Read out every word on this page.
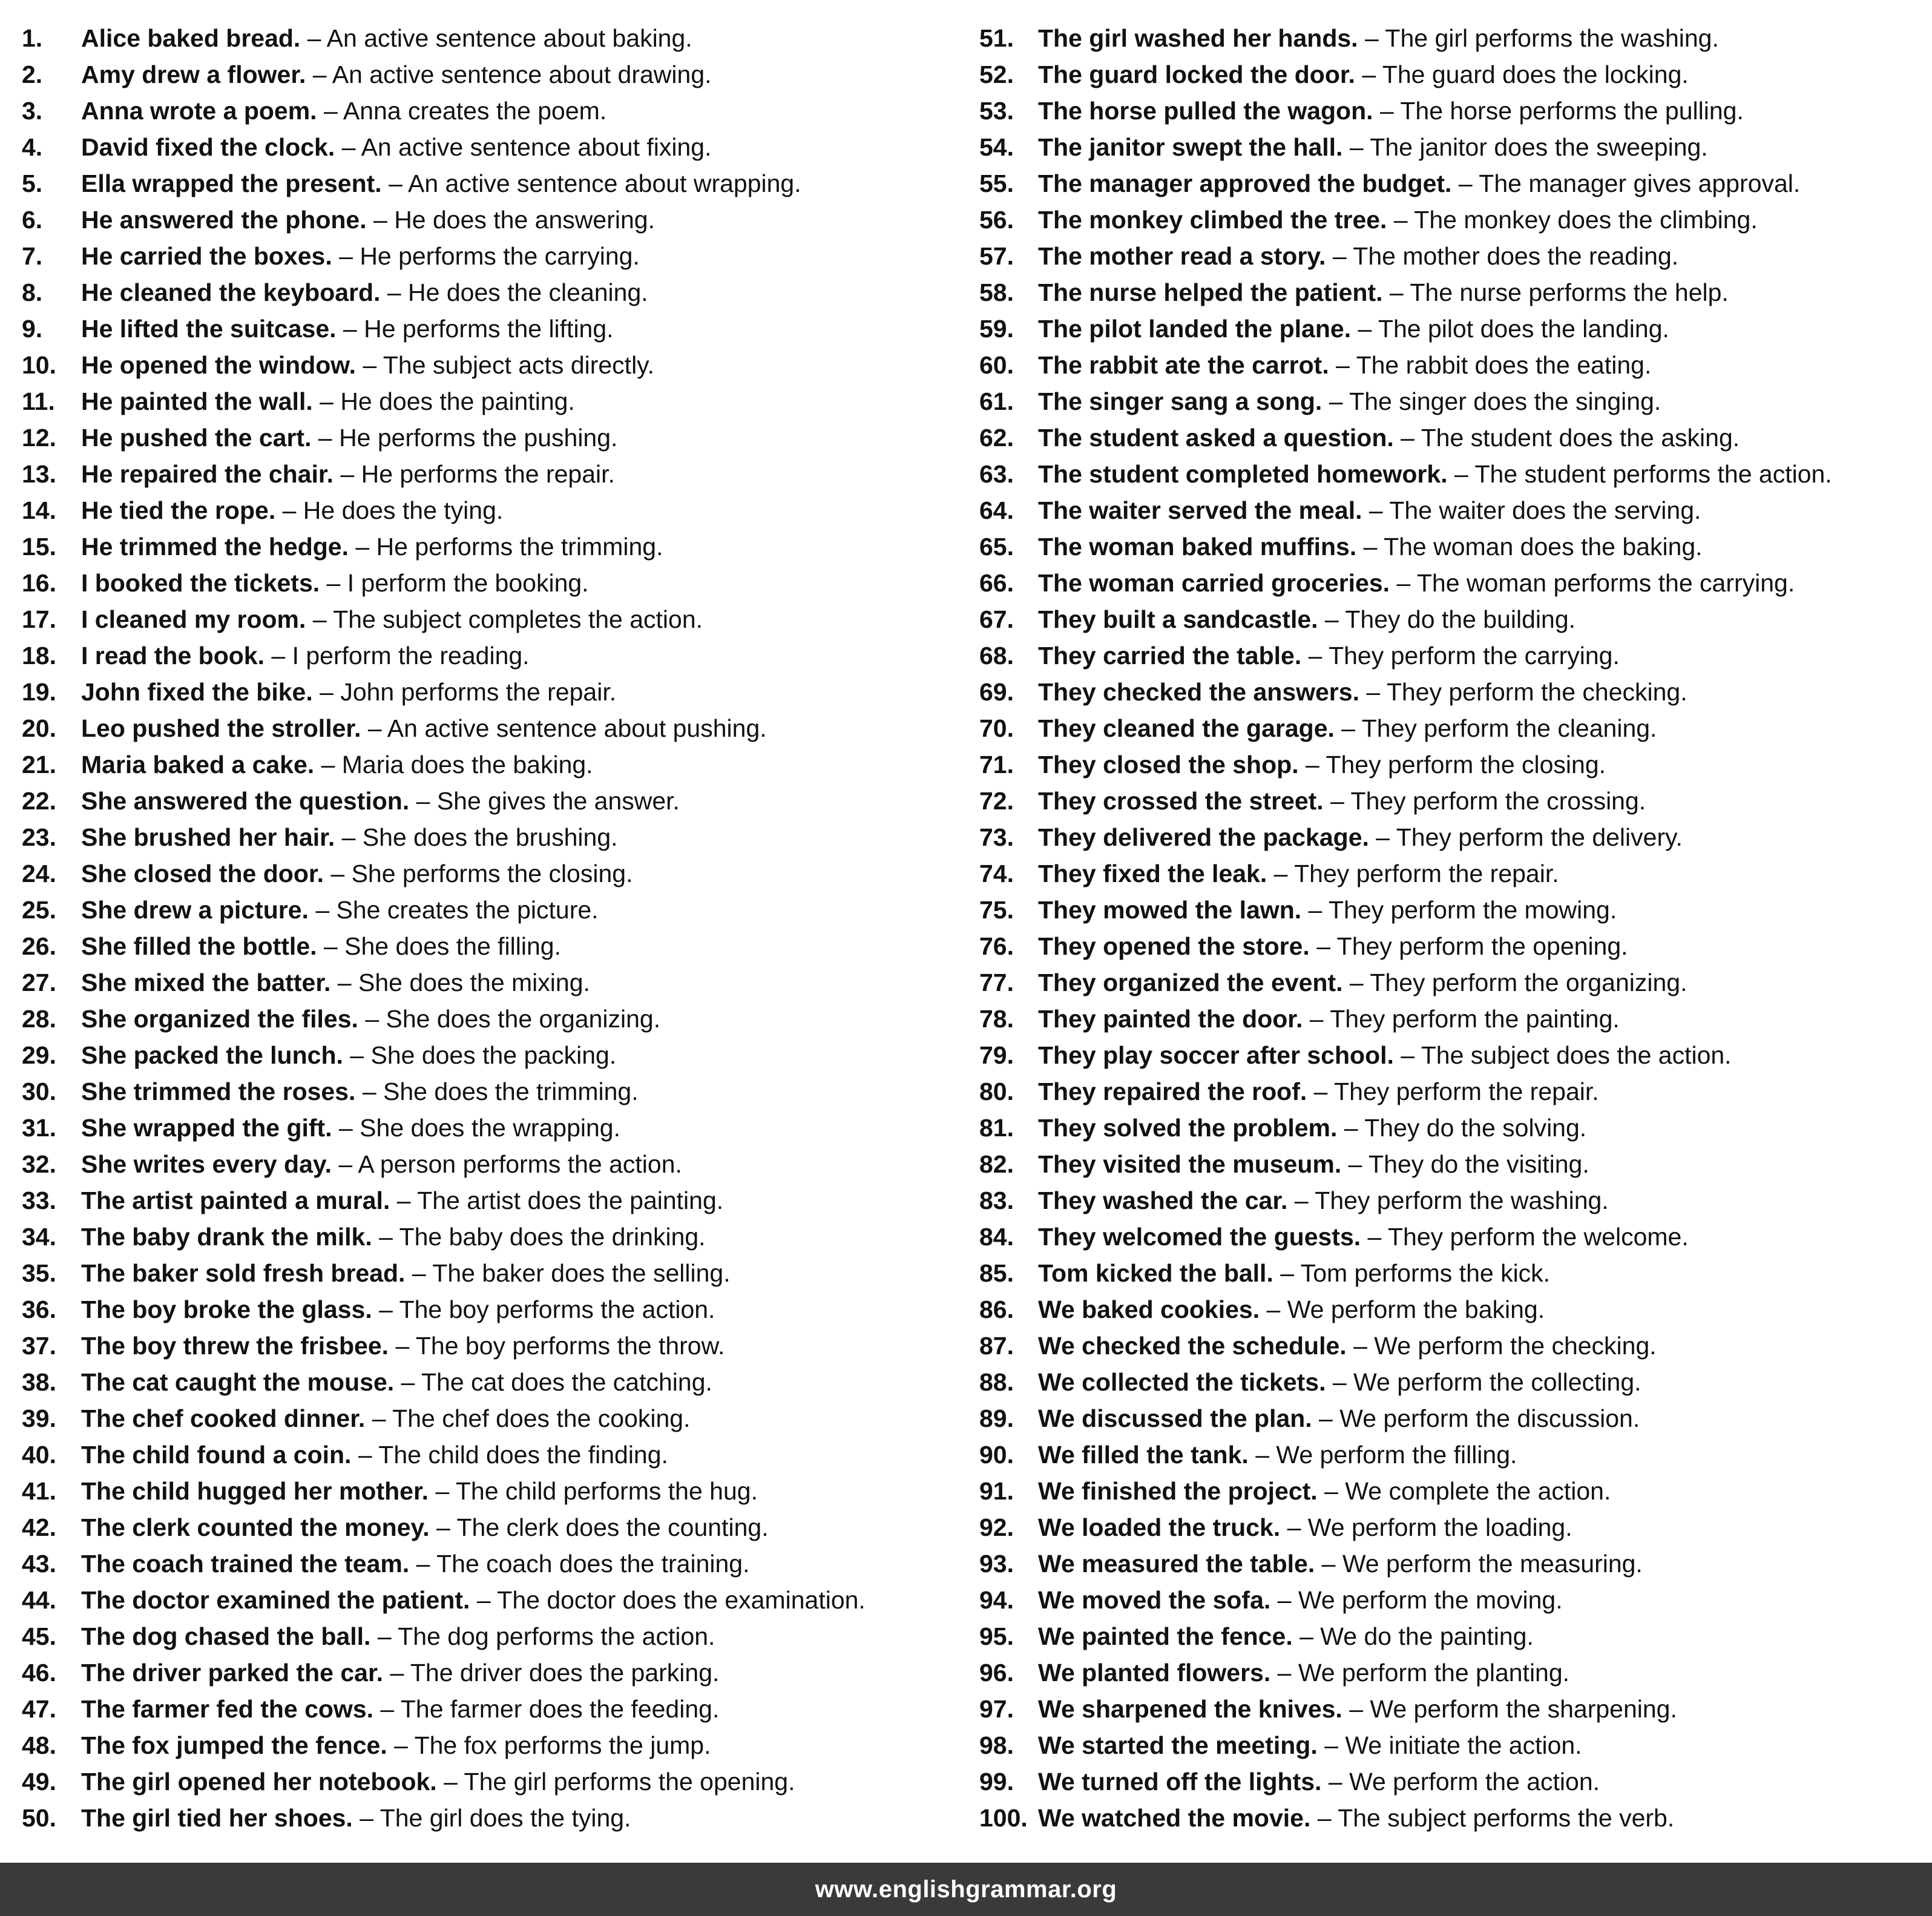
1.	Alice baked bread. – An active sentence about baking.
2.	Amy drew a flower. – An active sentence about drawing.
3.	Anna wrote a poem. – Anna creates the poem.
4.	David fixed the clock. – An active sentence about fixing.
5.	Ella wrapped the present. – An active sentence about wrapping.
6.	He answered the phone. – He does the answering.
7.	He carried the boxes. – He performs the carrying.
8.	He cleaned the keyboard. – He does the cleaning.
9.	He lifted the suitcase. – He performs the lifting.
10.	He opened the window. – The subject acts directly.
11.	He painted the wall. – He does the painting.
12.	He pushed the cart. – He performs the pushing.
13.	He repaired the chair. – He performs the repair.
14.	He tied the rope. – He does the tying.
15.	He trimmed the hedge. – He performs the trimming.
16.	I booked the tickets. – I perform the booking.
17.	I cleaned my room. – The subject completes the action.
18.	I read the book. – I perform the reading.
19.	John fixed the bike. – John performs the repair.
20.	Leo pushed the stroller. – An active sentence about pushing.
21.	Maria baked a cake. – Maria does the baking.
22.	She answered the question. – She gives the answer.
23.	She brushed her hair. – She does the brushing.
24.	She closed the door. – She performs the closing.
25.	She drew a picture. – She creates the picture.
26.	She filled the bottle. – She does the filling.
27.	She mixed the batter. – She does the mixing.
28.	She organized the files. – She does the organizing.
29.	She packed the lunch. – She does the packing.
30.	She trimmed the roses. – She does the trimming.
31.	She wrapped the gift. – She does the wrapping.
32.	She writes every day. – A person performs the action.
33.	The artist painted a mural. – The artist does the painting.
34.	The baby drank the milk. – The baby does the drinking.
35.	The baker sold fresh bread. – The baker does the selling.
36.	The boy broke the glass. – The boy performs the action.
37.	The boy threw the frisbee. – The boy performs the throw.
38.	The cat caught the mouse. – The cat does the catching.
39.	The chef cooked dinner. – The chef does the cooking.
40.	The child found a coin. – The child does the finding.
41.	The child hugged her mother. – The child performs the hug.
42.	The clerk counted the money. – The clerk does the counting.
43.	The coach trained the team. – The coach does the training.
44.	The doctor examined the patient. – The doctor does the examination.
45.	The dog chased the ball. – The dog performs the action.
46.	The driver parked the car. – The driver does the parking.
47.	The farmer fed the cows. – The farmer does the feeding.
48.	The fox jumped the fence. – The fox performs the jump.
49.	The girl opened her notebook. – The girl performs the opening.
50.	The girl tied her shoes. – The girl does the tying.
51. The girl washed her hands. – The girl performs the washing.
52. The guard locked the door. – The guard does the locking.
53. The horse pulled the wagon. – The horse performs the pulling.
54. The janitor swept the hall. – The janitor does the sweeping.
55. The manager approved the budget. – The manager gives approval.
56. The monkey climbed the tree. – The monkey does the climbing.
57. The mother read a story. – The mother does the reading.
58. The nurse helped the patient. – The nurse performs the help.
59. The pilot landed the plane. – The pilot does the landing.
60. The rabbit ate the carrot. – The rabbit does the eating.
61. The singer sang a song. – The singer does the singing.
62. The student asked a question. – The student does the asking.
63. The student completed homework. – The student performs the action.
64. The waiter served the meal. – The waiter does the serving.
65. The woman baked muffins. – The woman does the baking.
66. The woman carried groceries. – The woman performs the carrying.
67. They built a sandcastle. – They do the building.
68. They carried the table. – They perform the carrying.
69. They checked the answers. – They perform the checking.
70. They cleaned the garage. – They perform the cleaning.
71. They closed the shop. – They perform the closing.
72. They crossed the street. – They perform the crossing.
73. They delivered the package. – They perform the delivery.
74. They fixed the leak. – They perform the repair.
75. They mowed the lawn. – They perform the mowing.
76. They opened the store. – They perform the opening.
77. They organized the event. – They perform the organizing.
78. They painted the door. – They perform the painting.
79. They play soccer after school. – The subject does the action.
80. They repaired the roof. – They perform the repair.
81. They solved the problem. – They do the solving.
82. They visited the museum. – They do the visiting.
83. They washed the car. – They perform the washing.
84. They welcomed the guests. – They perform the welcome.
85. Tom kicked the ball. – Tom performs the kick.
86. We baked cookies. – We perform the baking.
87. We checked the schedule. – We perform the checking.
88. We collected the tickets. – We perform the collecting.
89. We discussed the plan. – We perform the discussion.
90. We filled the tank. – We perform the filling.
91. We finished the project. – We complete the action.
92. We loaded the truck. – We perform the loading.
93. We measured the table. – We perform the measuring.
94. We moved the sofa. – We perform the moving.
95. We painted the fence. – We do the painting.
96. We planted flowers. – We perform the planting.
97. We sharpened the knives. – We perform the sharpening.
98. We started the meeting. – We initiate the action.
99. We turned off the lights. – We perform the action.
100. We watched the movie. – The subject performs the verb.
www.englishgrammar.org
